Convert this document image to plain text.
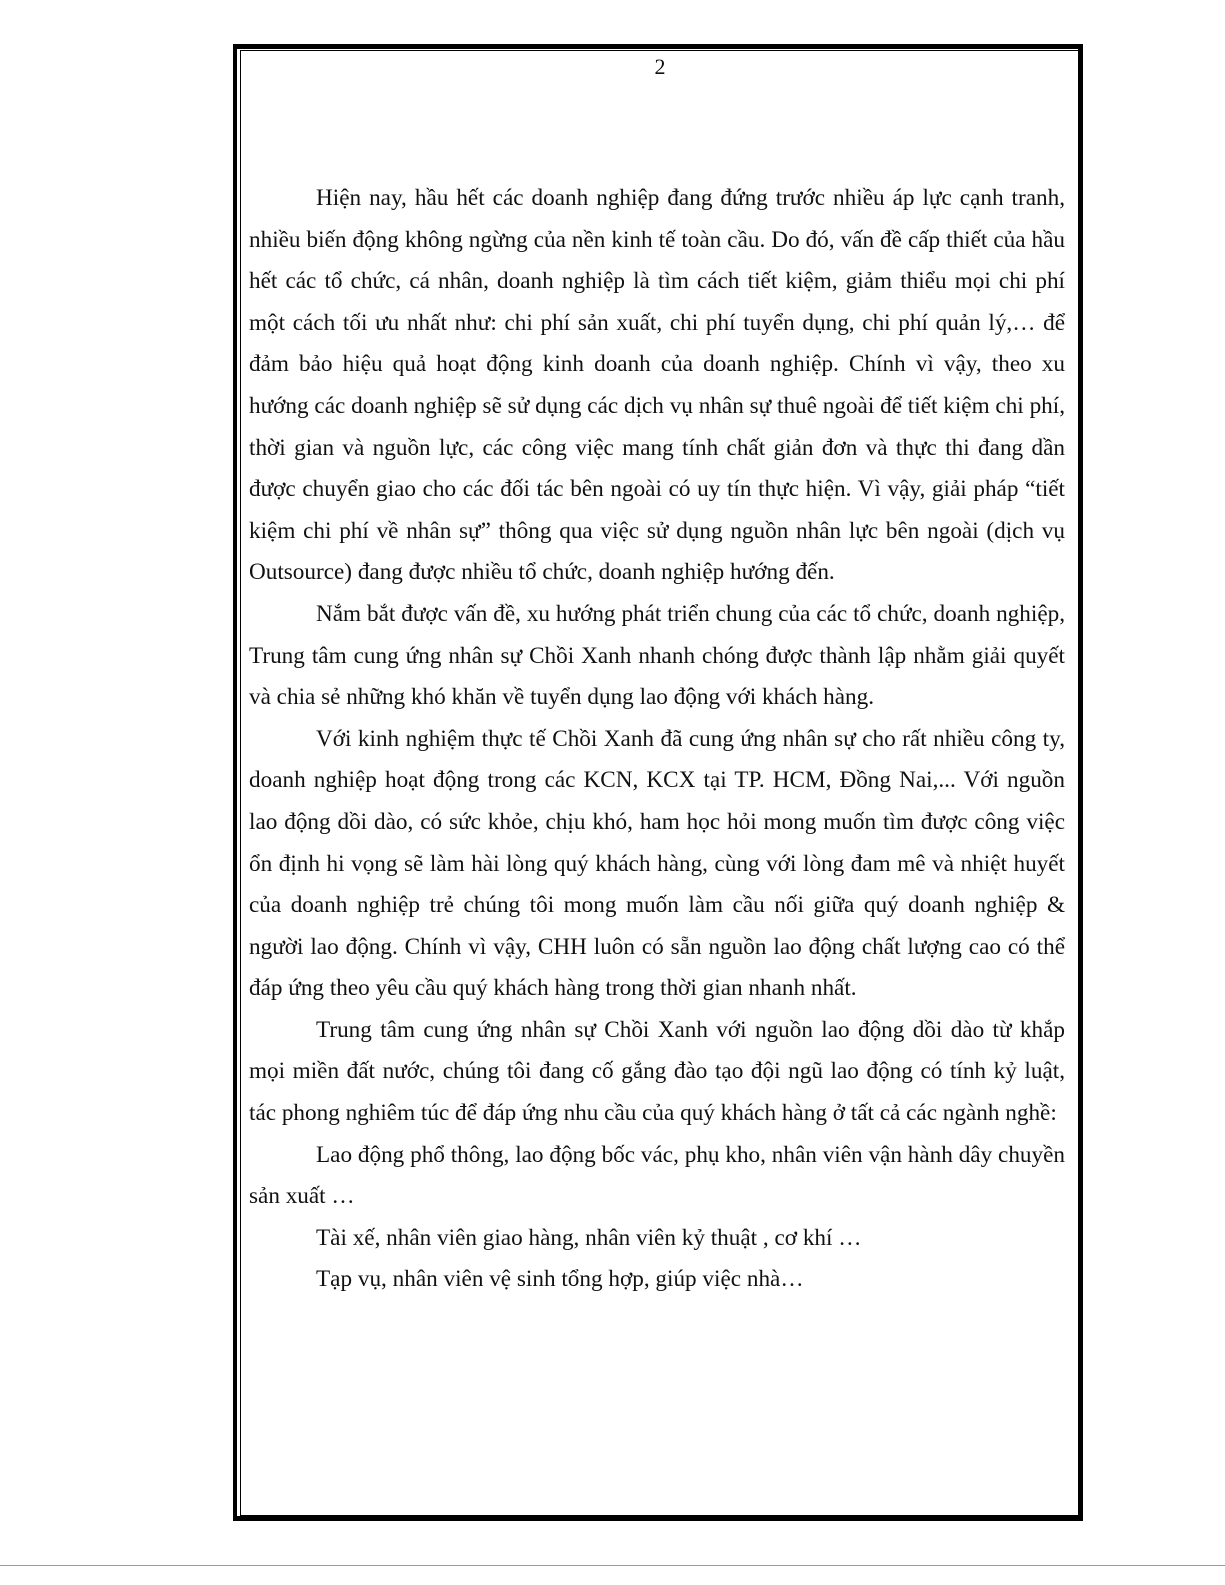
2

Hiện nay, hầu hết các doanh nghiệp đang đứng trước nhiều áp lực cạnh tranh, nhiều biến động không ngừng của nền kinh tế toàn cầu. Do đó, vấn đề cấp thiết của hầu hết các tổ chức, cá nhân, doanh nghiệp là tìm cách tiết kiệm, giảm thiểu mọi chi phí một cách tối ưu nhất như: chi phí sản xuất, chi phí tuyển dụng, chi phí quản lý,… để đảm bảo hiệu quả hoạt động kinh doanh của doanh nghiệp. Chính vì vậy, theo xu hướng các doanh nghiệp sẽ sử dụng các dịch vụ nhân sự thuê ngoài để tiết kiệm chi phí, thời gian và nguồn lực, các công việc mang tính chất giản đơn và thực thi đang dần được chuyển giao cho các đối tác bên ngoài có uy tín thực hiện. Vì vậy, giải pháp “tiết kiệm chi phí về nhân sự” thông qua việc sử dụng nguồn nhân lực bên ngoài (dịch vụ Outsource) đang được nhiều tổ chức, doanh nghiệp hướng đến.

Nắm bắt được vấn đề, xu hướng phát triển chung của các tổ chức, doanh nghiệp, Trung tâm cung ứng nhân sự Chồi Xanh nhanh chóng được thành lập nhằm giải quyết và chia sẻ những khó khăn về tuyển dụng lao động với khách hàng.

Với kinh nghiệm thực tế Chồi Xanh đã cung ứng nhân sự cho rất nhiều công ty, doanh nghiệp hoạt động trong các KCN, KCX tại TP. HCM, Đồng Nai,... Với nguồn lao động dồi dào, có sức khỏe, chịu khó, ham học hỏi mong muốn tìm được công việc ổn định hi vọng sẽ làm hài lòng quý khách hàng, cùng với lòng đam mê và nhiệt huyết của doanh nghiệp trẻ chúng tôi mong muốn làm cầu nối giữa quý doanh nghiệp & người lao động. Chính vì vậy, CHH luôn có sẵn nguồn lao động chất lượng cao có thể đáp ứng theo yêu cầu quý khách hàng trong thời gian nhanh nhất.

Trung tâm cung ứng nhân sự Chồi Xanh với nguồn lao động dồi dào từ khắp mọi miền đất nước, chúng tôi đang cố gắng đào tạo đội ngũ lao động có tính kỷ luật, tác phong nghiêm túc để đáp ứng nhu cầu của quý khách hàng ở tất cả các ngành nghề:

Lao động phổ thông, lao động bốc vác, phụ kho, nhân viên vận hành dây chuyền sản xuất …

Tài xế, nhân viên giao hàng, nhân viên kỷ thuật , cơ khí …

Tạp vụ, nhân viên vệ sinh tổng hợp, giúp việc nhà…
